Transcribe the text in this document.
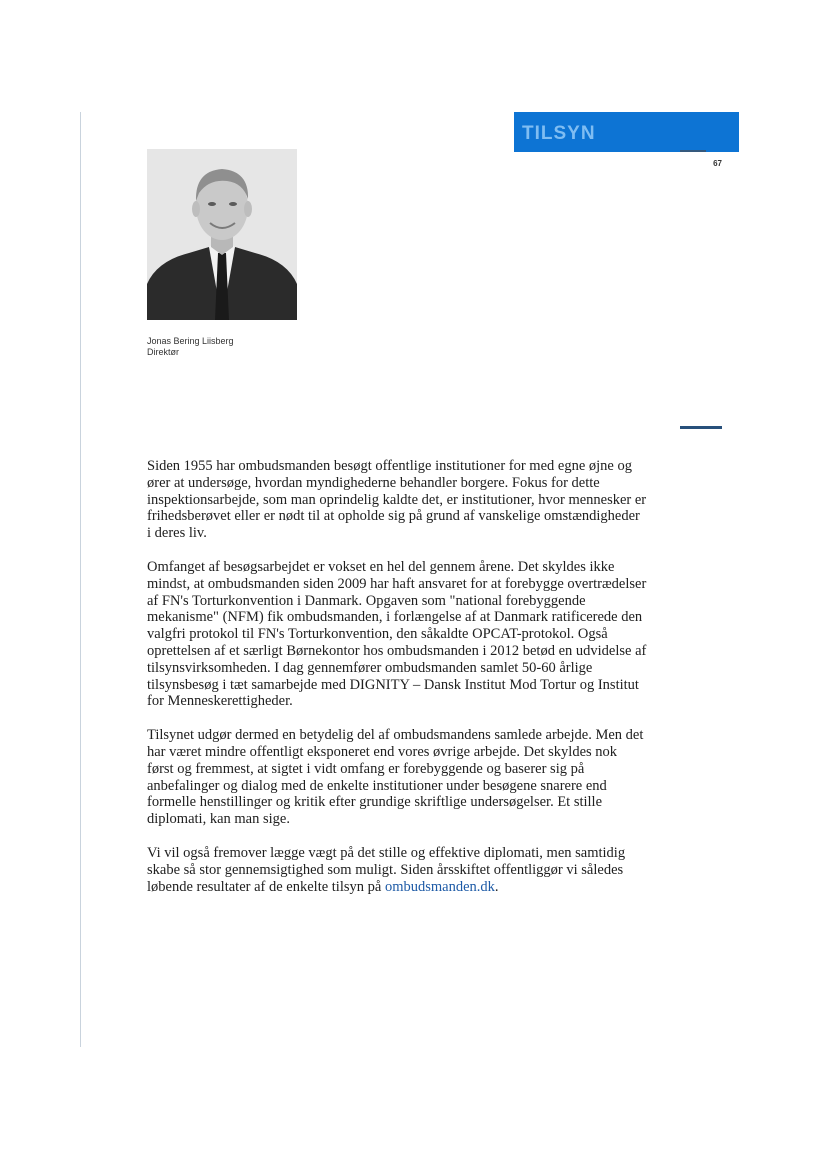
TILSYN
67
Jonas Bering Liisberg
Direktør

Siden 1955 har ombudsmanden besøgt offentlige institutioner for med egne øjne og ører at undersøge, hvordan myndighederne behandler borgere. Fokus for dette inspektionsarbejde, som man oprindelig kaldte det, er institutioner, hvor mennesker er frihedsberøvet eller er nødt til at opholde sig på grund af vanskelige omstændigheder i deres liv.

Omfanget af besøgsarbejdet er vokset en hel del gennem årene. Det skyldes ikke mindst, at ombudsmanden siden 2009 har haft ansvaret for at forebygge overtrædelser af FN's Torturkonvention i Danmark. Opgaven som "national forebyggende mekanisme" (NFM) fik ombudsmanden, i forlængelse af at Danmark ratificerede den valgfri protokol til FN's Torturkonvention, den såkaldte OPCAT-protokol. Også oprettelsen af et særligt Børnekontor hos ombudsmanden i 2012 betød en udvidelse af tilsynsvirksomheden. I dag gennemfører ombudsmanden samlet 50-60 årlige tilsynsbesøg i tæt samarbejde med DIGNITY – Dansk Institut Mod Tortur og Institut for Menneskerettigheder.

Tilsynet udgør dermed en betydelig del af ombudsmandens samlede arbejde. Men det har været mindre offentligt eksponeret end vores øvrige arbejde. Det skyldes nok først og fremmest, at sigtet i vidt omfang er forebyggende og baserer sig på anbefalinger og dialog med de enkelte institutioner under besøgene snarere end formelle henstillinger og kritik efter grundige skriftlige undersøgelser. Et stille diplomati, kan man sige.

Vi vil også fremover lægge vægt på det stille og effektive diplomati, men samtidig skabe så stor gennemsigtighed som muligt. Siden årsskiftet offentliggør vi således løbende resultater af de enkelte tilsyn på ombudsmanden.dk.
